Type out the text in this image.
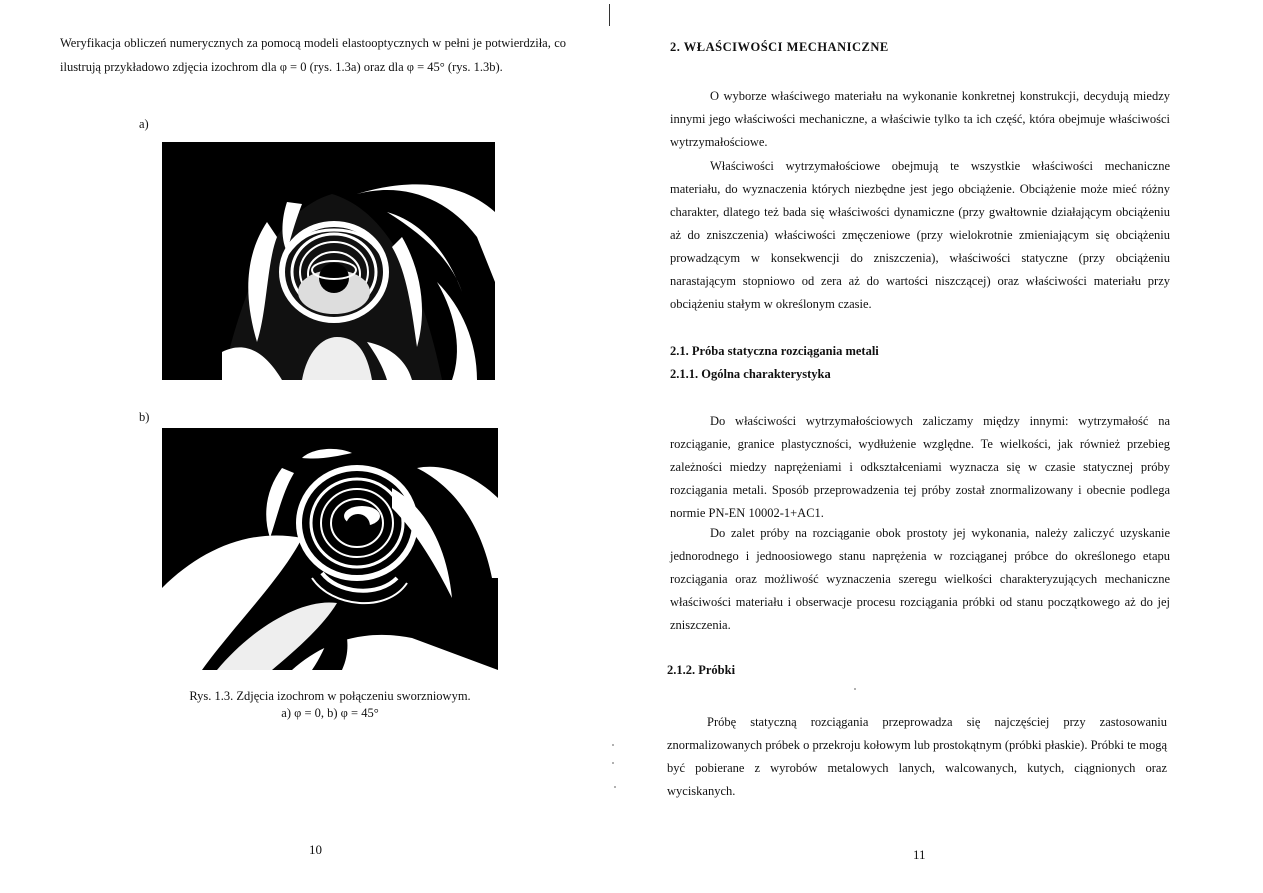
Weryfikacja obliczeń numerycznych za pomocą modeli elastooptycznych w pełni je potwierdziła, co ilustrują przykładowo zdjęcia izochrom dla φ = 0 (rys. 1.3a) oraz dla φ = 45° (rys. 1.3b).
a)
b)
Rys. 1.3. Zdjęcia izochrom w połączeniu sworzniowym.
a) φ = 0, b) φ = 45°
10
2. WŁAŚCIWOŚCI MECHANICZNE
O wyborze właściwego materiału na wykonanie konkretnej konstrukcji, decydują miedzy innymi jego właściwości mechaniczne, a właściwie tylko ta ich część, która obejmuje właściwości wytrzymałościowe.
Właściwości wytrzymałościowe obejmują te wszystkie właściwości mechaniczne materiału, do wyznaczenia których niezbędne jest jego obciążenie. Obciążenie może mieć różny charakter, dlatego też bada się właściwości dynamiczne (przy gwałtownie działającym obciążeniu aż do zniszczenia) właściwości zmęczeniowe (przy wielokrotnie zmieniającym się obciążeniu prowadzącym w konsekwencji do zniszczenia), właściwości statyczne (przy obciążeniu narastającym stopniowo od zera aż do wartości niszczącej) oraz właściwości materiału przy obciążeniu stałym w określonym czasie.
2.1. Próba statyczna rozciągania metali
2.1.1. Ogólna charakterystyka
Do właściwości wytrzymałościowych zaliczamy między innymi: wytrzymałość na rozciąganie, granice plastyczności, wydłużenie względne. Te wielkości, jak również przebieg zależności miedzy naprężeniami i odkształceniami wyznacza się w czasie statycznej próby rozciągania metali. Sposób przeprowadzenia tej próby został znormalizowany i obecnie podlega normie PN-EN 10002-1+AC1.
Do zalet próby na rozciąganie obok prostoty jej wykonania, należy zaliczyć uzyskanie jednorodnego i jednoosiowego stanu naprężenia w rozciąganej próbce do określonego etapu rozciągania oraz możliwość wyznaczenia szeregu wielkości charakteryzujących mechaniczne właściwości materiału i obserwacje procesu rozciągania próbki od stanu początkowego aż do jej zniszczenia.
2.1.2. Próbki
Próbę statyczną rozciągania przeprowadza się najczęściej przy zastosowaniu znormalizowanych próbek o przekroju kołowym lub prostokątnym (próbki płaskie). Próbki te mogą być pobierane z wyrobów metalowych lanych, walcowanych, kutych, ciągnionych oraz wyciskanych.
11
